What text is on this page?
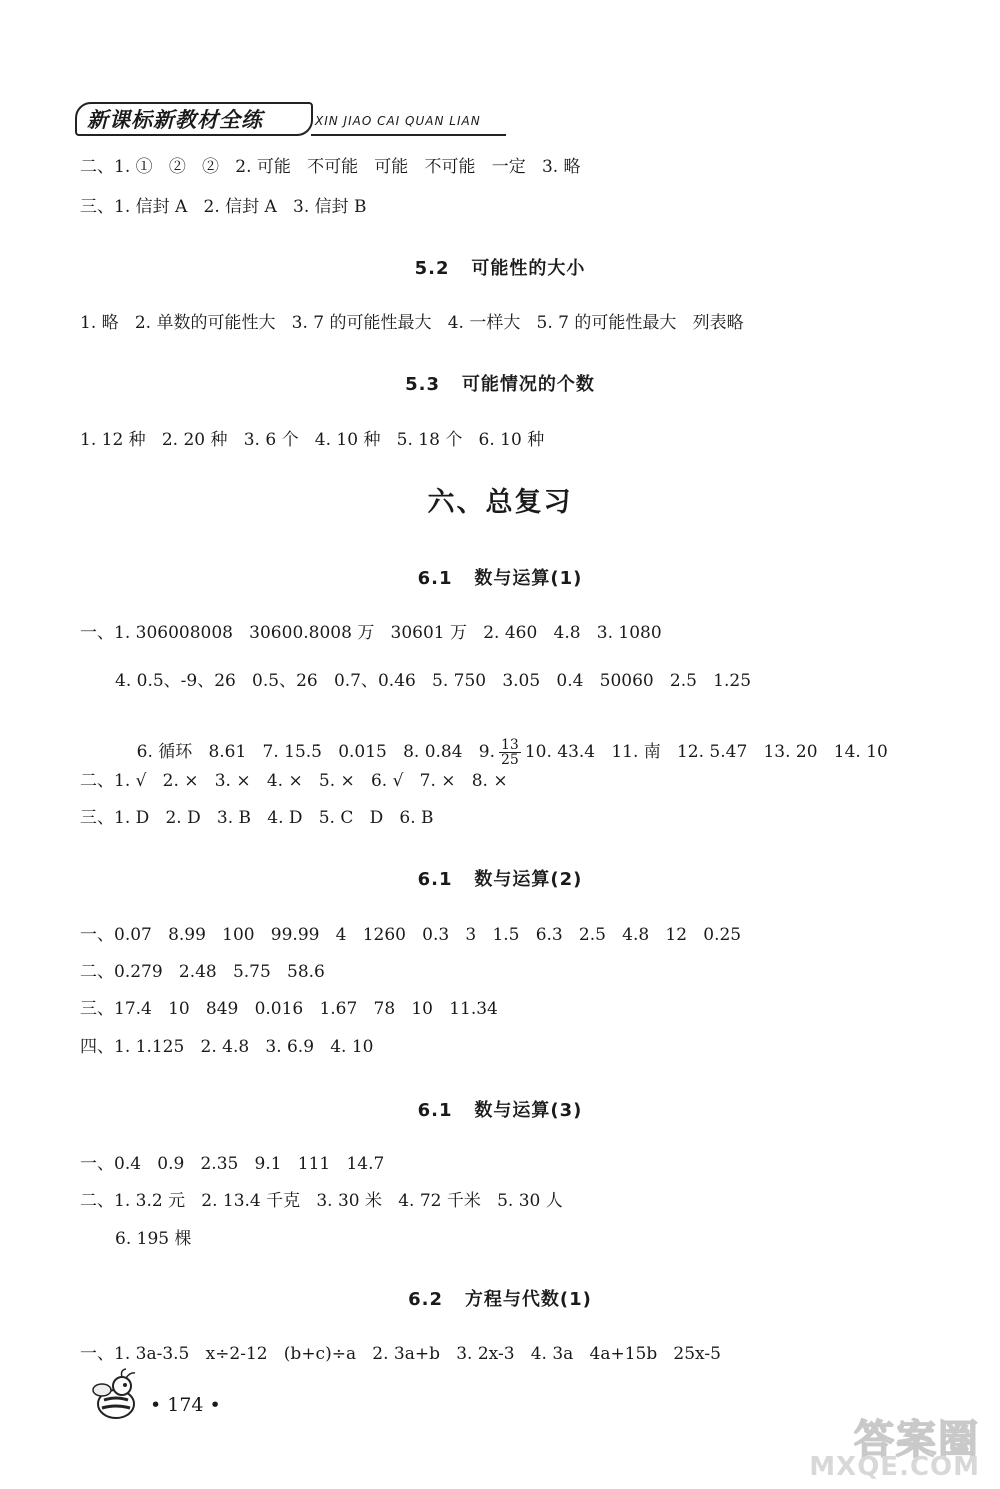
新课标新教材全练	XIN JIAO CAI QUAN LIAN
二、1. ①   ②   ②   2. 可能   不可能   可能   不可能   一定   3. 略
三、1. 信封 A   2. 信封 A   3. 信封 B
5.2   可能性的大小
1. 略   2. 单数的可能性大   3. 7 的可能性最大   4. 一样大   5. 7 的可能性最大   列表略
5.3   可能情况的个数
1. 12 种   2. 20 种   3. 6 个   4. 10 种   5. 18 个   6. 10 种
六、总复习
6.1   数与运算(1)
一、1. 306008008   30600.8008 万   30601 万   2. 460   4.8   3. 1080
4. 0.5、-9、26   0.5、26   0.7、0.4̇6   5. 750   3.05   0.4   50060   2.5   1.25

6. 循环   8.61   7. 15.5̇   0.015   8. 0.84   9. $\frac{13}{25} 10$. 43.4   11. 南   12. 5.47   13. 20   14. 10

二、1. √   2. ×   3. ×   4. ×   5. ×   6. √   7. ×   8. ×
三、1. D   2. D   3. B   4. D   5. C   D   6. B
6.1   数与运算(2)
一、0.07   8.99   100   99.99   4   1260   0.3   3   1.5   6.3   2.5   4.8   12   0.25
二、0.279   2.48   5.75   58.6
三、17.4   10   849   0.016   1.67   78   10   11.34
四、1. 1.125   2. 4.8   3. 6.9   4. 10
6.1   数与运算(3)
一、0.4   0.9   2.35   9.1   111   14.7
二、1. 3.2 元   2. 13.4 千克   3. 30 米   4. 72 千米   5. 30 人
6. 195 棵
6.2   方程与代数(1)
一、1. 3a-3.5   x÷2-12   (b+c)÷a   2. 3a+b   3. 2x-3   4. 3a   4a+15b   25x-5
• 174 •
答案圈
MXQE.COM
